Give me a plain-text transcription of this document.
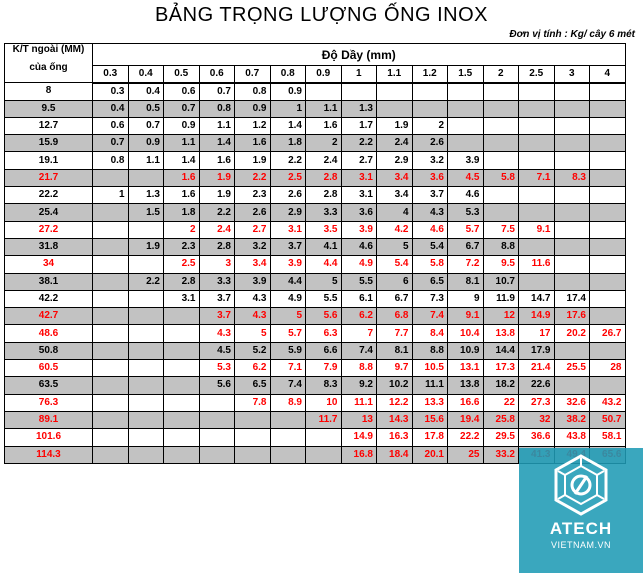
BẢNG TRỌNG LƯỢNG ỐNG INOX
Đơn vị tính : Kg/ cây 6 mét
K/T ngoài (MM)
của ống	Độ Dầy (mm)														
	0.3	0.4	0.5	0.6	0.7	0.8	0.9	1	1.1	1.2	1.5	2	2.5	3	4
8	0.3	0.4	0.6	0.7	0.8	0.9									
9.5	0.4	0.5	0.7	0.8	0.9	1	1.1	1.3							
12.7	0.6	0.7	0.9	1.1	1.2	1.4	1.6	1.7	1.9	2					
15.9	0.7	0.9	1.1	1.4	1.6	1.8	2	2.2	2.4	2.6					
19.1	0.8	1.1	1.4	1.6	1.9	2.2	2.4	2.7	2.9	3.2	3.9				
21.7			1.6	1.9	2.2	2.5	2.8	3.1	3.4	3.6	4.5	5.8	7.1	8.3	
22.2	1	1.3	1.6	1.9	2.3	2.6	2.8	3.1	3.4	3.7	4.6				
25.4		1.5	1.8	2.2	2.6	2.9	3.3	3.6	4	4.3	5.3				
27.2			2	2.4	2.7	3.1	3.5	3.9	4.2	4.6	5.7	7.5	9.1		
31.8		1.9	2.3	2.8	3.2	3.7	4.1	4.6	5	5.4	6.7	8.8			
34			2.5	3	3.4	3.9	4.4	4.9	5.4	5.8	7.2	9.5	11.6		
38.1		2.2	2.8	3.3	3.9	4.4	5	5.5	6	6.5	8.1	10.7			
42.2			3.1	3.7	4.3	4.9	5.5	6.1	6.7	7.3	9	11.9	14.7	17.4	
42.7				3.7	4.3	5	5.6	6.2	6.8	7.4	9.1	12	14.9	17.6	
48.6				4.3	5	5.7	6.3	7	7.7	8.4	10.4	13.8	17	20.2	26.7
50.8				4.5	5.2	5.9	6.6	7.4	8.1	8.8	10.9	14.4	17.9		
60.5				5.3	6.2	7.1	7.9	8.8	9.7	10.5	13.1	17.3	21.4	25.5	28
63.5				5.6	6.5	7.4	8.3	9.2	10.2	11.1	13.8	18.2	22.6		
76.3					7.8	8.9	10	11.1	12.2	13.3	16.6	22	27.3	32.6	43.2
89.1							11.7	13	14.3	15.6	19.4	25.8	32	38.2	50.7
101.6								14.9	16.3	17.8	22.2	29.5	36.6	43.8	58.1
114.3								16.8	18.4	20.1	25	33.2			
ATECH
VIETNAM.VN
